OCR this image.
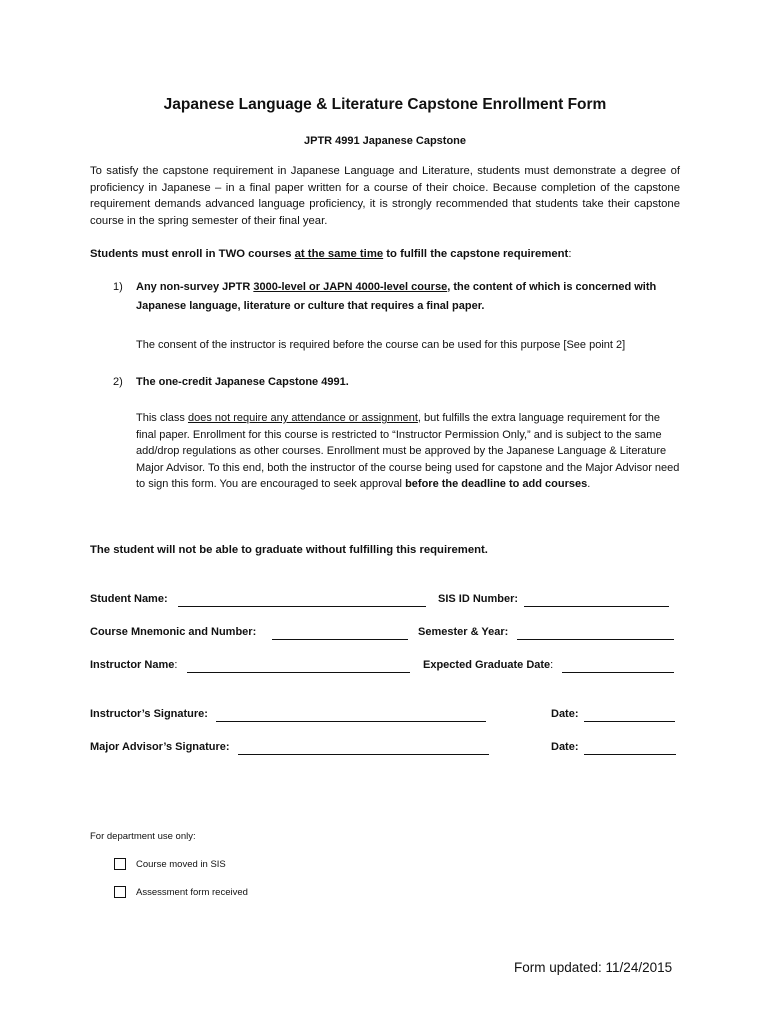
Japanese Language & Literature Capstone Enrollment Form
JPTR 4991 Japanese Capstone
To satisfy the capstone requirement in Japanese Language and Literature, students must demonstrate a degree of proficiency in Japanese – in a final paper written for a course of their choice. Because completion of the capstone requirement demands advanced language proficiency, it is strongly recommended that students take their capstone course in the spring semester of their final year.
Students must enroll in TWO courses at the same time to fulfill the capstone requirement:
1) Any non-survey JPTR 3000-level or JAPN 4000-level course, the content of which is concerned with Japanese language, literature or culture that requires a final paper.
The consent of the instructor is required before the course can be used for this purpose [See point 2]
2) The one-credit Japanese Capstone 4991.
This class does not require any attendance or assignment, but fulfills the extra language requirement for the final paper. Enrollment for this course is restricted to “Instructor Permission Only,” and is subject to the same add/drop regulations as other courses. Enrollment must be approved by the Japanese Language & Literature Major Advisor. To this end, both the instructor of the course being used for capstone and the Major Advisor need to sign this form. You are encouraged to seek approval before the deadline to add courses.
The student will not be able to graduate without fulfilling this requirement.
Student Name:	SIS ID Number:
Course Mnemonic and Number:	Semester & Year:
Instructor Name:	Expected Graduate Date:
Instructor’s Signature:	Date:
Major Advisor’s Signature:	Date:
For department use only:
Course moved in SIS
Assessment form received
Form updated: 11/24/2015
